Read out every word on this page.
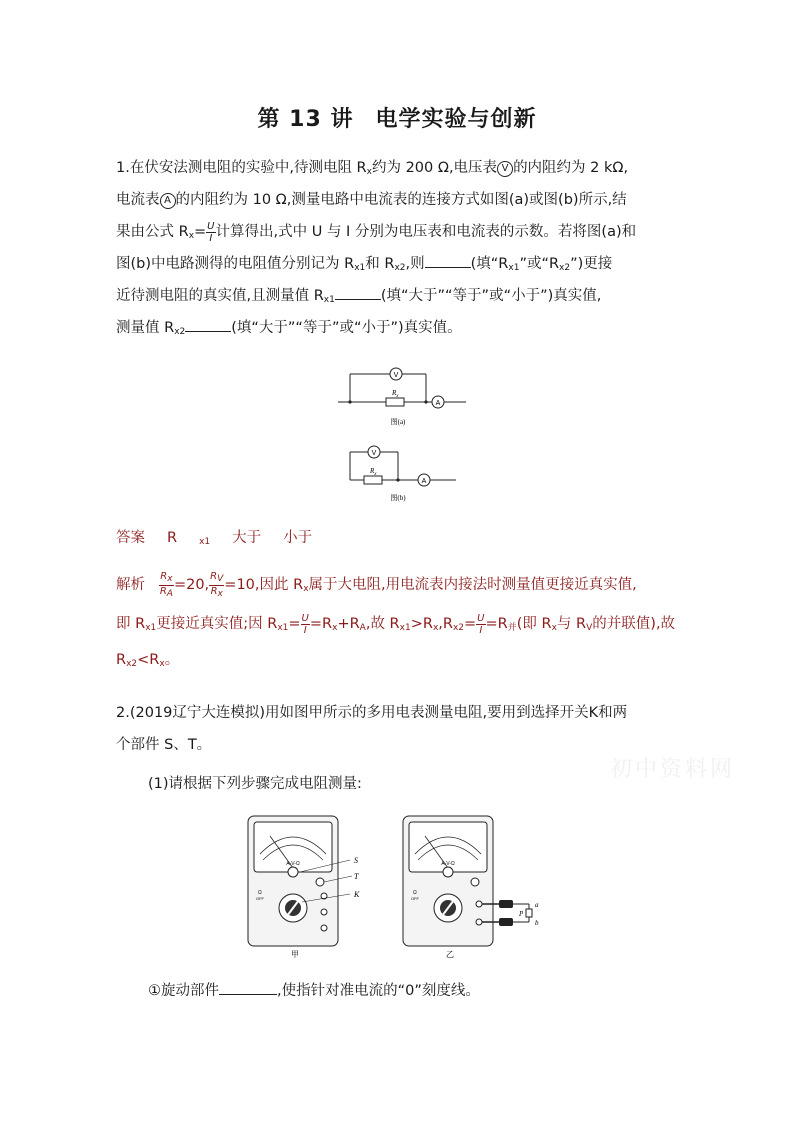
第 13 讲 电学实验与创新
1.在伏安法测电阻的实验中,待测电阻 $R_x$约为 200 Ω,电压表 V 的内阻约为 2 kΩ,
电流表 A 的内阻约为 10 Ω,测量电路中电流表的连接方式如图(a)或图(b)所示,结
果由公式 $R_x= \frac{U}{I}$ 计算得出,式中 U 与 I 分别为电压表和电流表的示数。若将图(a)和
图(b)中电路测得的电阻值分别记为 $R_{x1}$和 $R_{x2}$,则	(填“$R_{x1}$”或“$R_{x2}$”)更接
近待测电阻的真实值,且测量值 $R_{x1}$	(填“大于”“等于”或“小于”)真实值,
测量值 $R_{x2}$	(填“大于”“等于”或“小于”)真实值。
$R_x$
V
A
图(a)
$R_x$
V
A
图(b)
答案 R $_{x1}$ 大于 小于
解析 $\frac{R_x}{R_A} =20$, $\frac{R_V}{R_x} =10$,因此 $R_x$属于大电阻,用电流表内接法时测量值更接近真实值,
即 $R_{x1}$更接近真实值;因 $R_{x1}= \frac{U}{I} =R_x+R_A$,故 $R_{x1}>R_x,R_{x2}= \frac{U}{I} =R_并$(即 $R_x$与 $R_V$的并联值),故
$R_{x2}<R_x$。
2.(2019辽宁大连模拟)用如图甲所示的多用电表测量电阻,要用到选择开关K和两
个部件 S、T。
初中资料网
(1)请根据下列步骤完成电阻测量:
A-V-Ω
Ω
OFF
S
T
K
甲
A-V-Ω
Ω
OFF
P
a
b
乙
①旋动部件	,使指针对准电流的“0”刻度线。
